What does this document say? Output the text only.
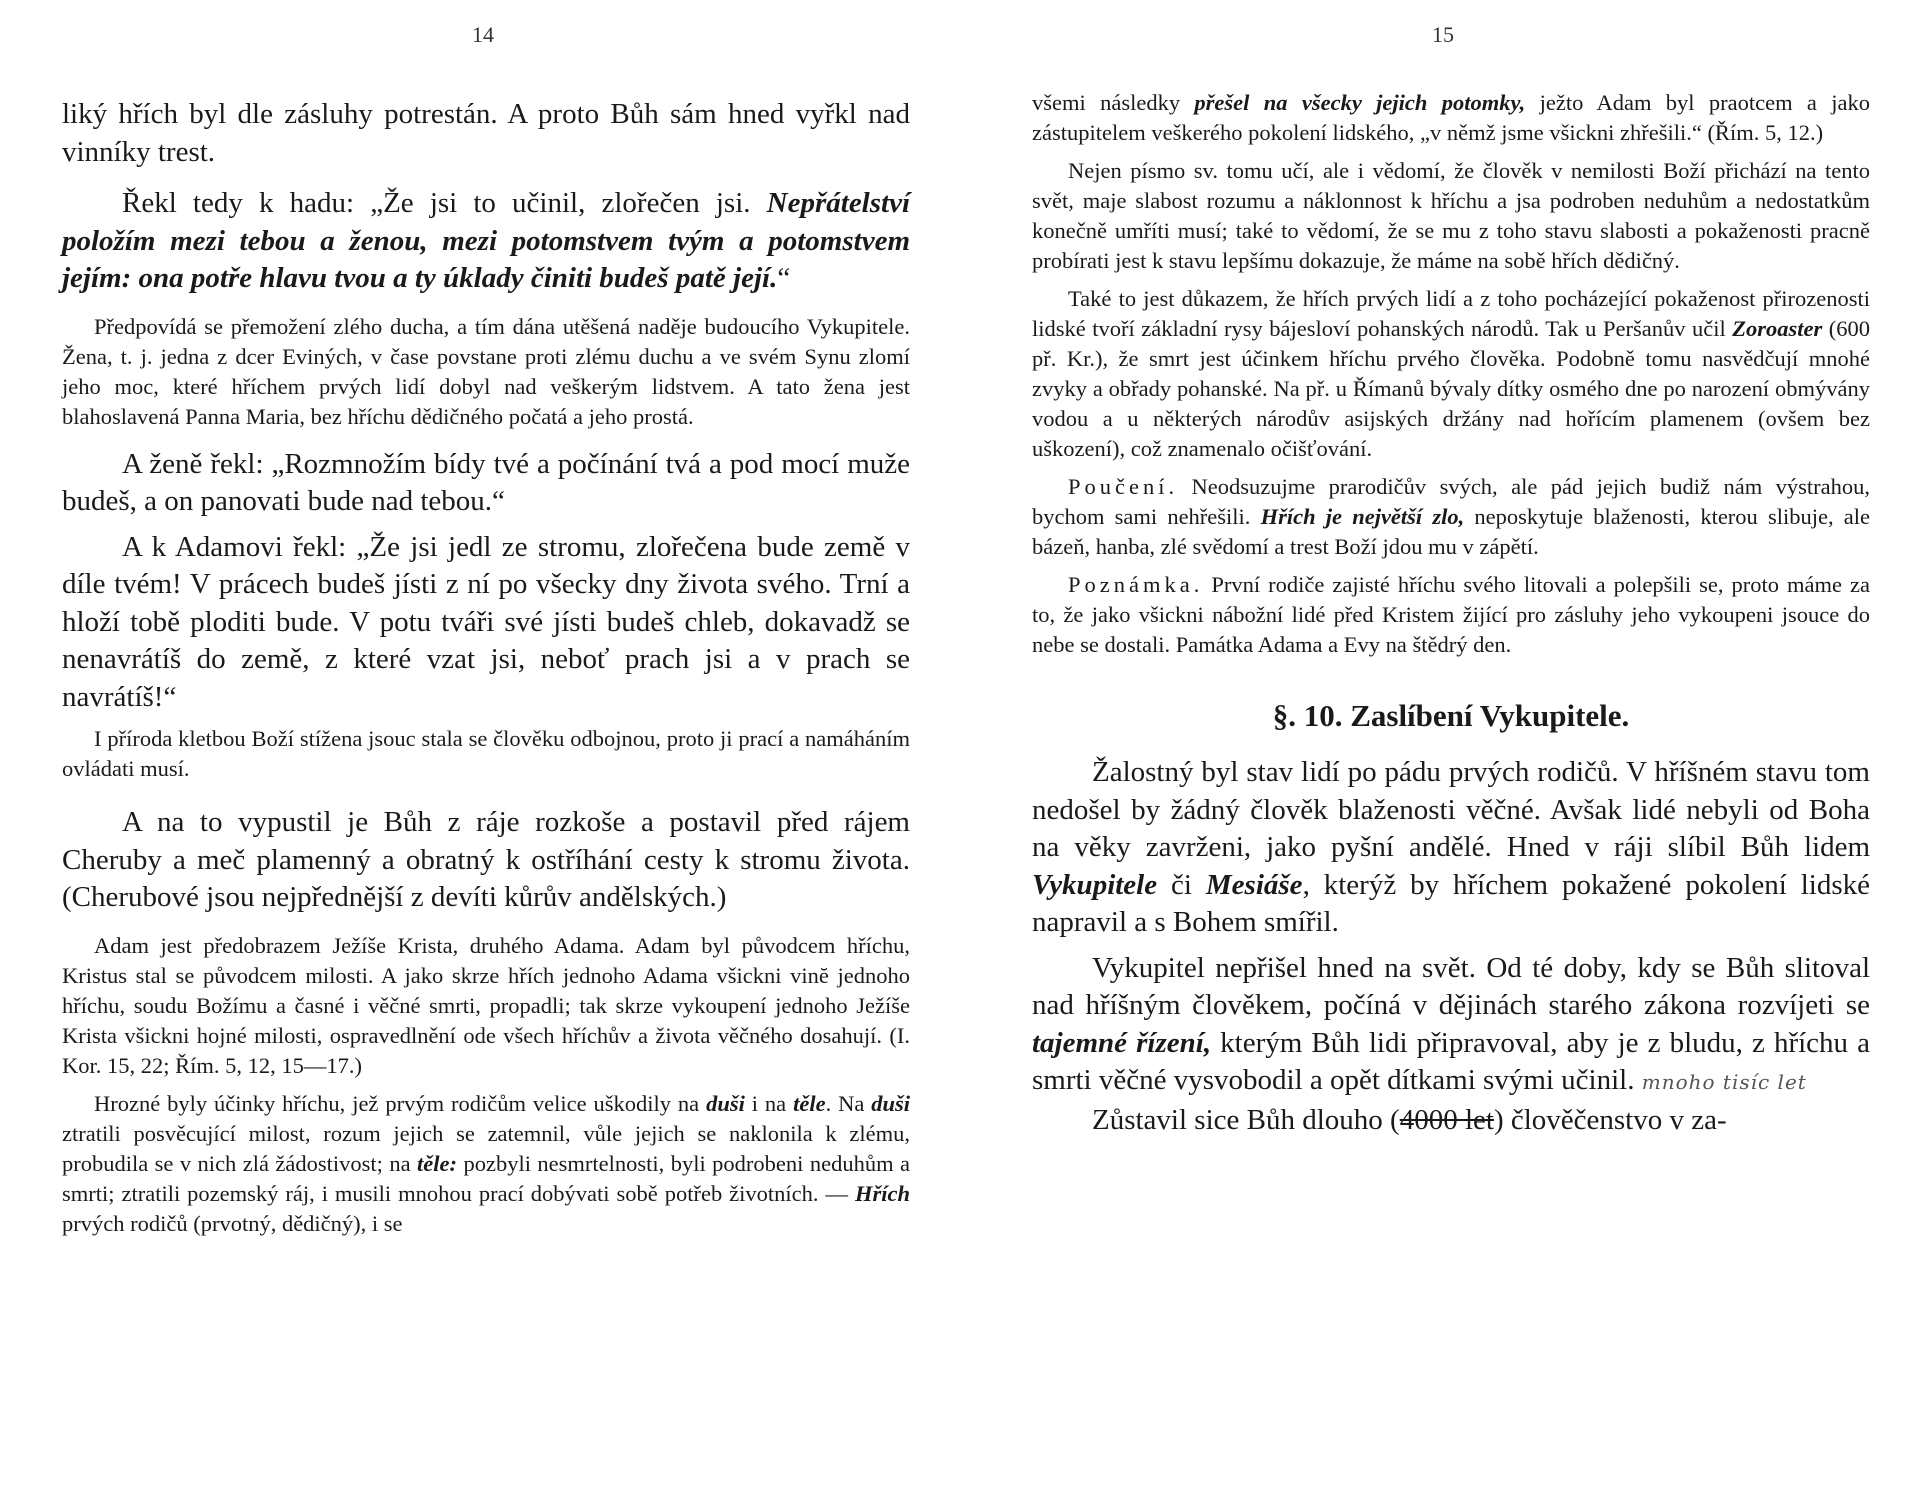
14

liký hřích byl dle zásluhy potrestán. A proto Bůh sám hned vyřkl nad vinníky trest.

Řekl tedy k hadu: „Že jsi to učinil, zlořečen jsi. Nepřátelství položím mezi tebou a ženou, mezi potomstvem tvým a potomstvem jejím: ona potře hlavu tvou a ty úklady činiti budeš patě její.“

Předpovídá se přemožení zlého ducha, a tím dána utěšená naděje budoucího Vykupitele. Žena, t. j. jedna z dcer Eviných, v čase povstane proti zlému duchu a ve svém Synu zlomí jeho moc, které hříchem prvých lidí dobyl nad veškerým lidstvem. A tato žena jest blahoslavená Panna Maria, bez hříchu dědičného počatá a jeho prostá.

A ženě řekl: „Rozmnožím bídy tvé a počínání tvá a pod mocí muže budeš, a on panovati bude nad tebou.“

A k Adamovi řekl: „Že jsi jedl ze stromu, zlořečena bude země v díle tvém! V prácech budeš jísti z ní po všecky dny života svého. Trní a hloží tobě ploditi bude. V potu tváři své jísti budeš chleb, dokavadž se nenavrátíš do země, z které vzat jsi, neboť prach jsi a v prach se navrátíš!“

I příroda kletbou Boží stížena jsouc stala se člověku odbojnou, proto ji prací a namáháním ovládati musí.

A na to vypustil je Bůh z ráje rozkoše a postavil před rájem Cheruby a meč plamenný a obratný k ostříhání cesty k stromu života. (Cherubové jsou nejpřednější z devíti kůrův andělských.)

Adam jest předobrazem Ježíše Krista, druhého Adama. Adam byl původcem hříchu, Kristus stal se původcem milosti. A jako skrze hřích jednoho Adama všickni vinĕ jednoho hříchu, soudu Božímu a časné i věčné smrti, propadli; tak skrze vykoupení jednoho Ježíše Krista všickni hojné milosti, ospravedlnění ode všech hříchův a života věčného dosahují. (I. Kor. 15, 22; Řím. 5, 12, 15—17.)

Hrozné byly účinky hříchu, jež prvým rodičům velice uškodily na duši i na těle. Na duši ztratili posvěcující milost, rozum jejich se zatemnil, vůle jejich se naklonila k zlému, probudila se v nich zlá žádostivost; na těle: pozbyli nesmrtelnosti, byli podrobeni neduhům a smrti; ztratili pozemský ráj, i musili mnohou prací dobývati sobě potřeb životních. — Hřích prvých rodičů (prvotný, dědičný), i se

15

všemi následky přešel na všecky jejich potomky, ježto Adam byl praotcem a jako zástupitelem veškerého pokolení lidského, „v němž jsme všickni zhřešili.“ (Řím. 5, 12.)

Nejen písmo sv. tomu učí, ale i vědomí, že člověk v nemilosti Boží přichází na tento svět, maje slabost rozumu a náklonnost k hříchu a jsa podroben neduhům a nedostatkům konečně umříti musí; také to vědomí, že se mu z toho stavu slabosti a pokaženosti pracně probírati jest k stavu lepšímu dokazuje, že máme na sobě hřích dědičný.

Také to jest důkazem, že hřích prvých lidí a z toho pocházející pokaženost přirozenosti lidské tvoří základní rysy bájesloví pohanských národů. Tak u Peršanův učil Zoroaster (600 př. Kr.), že smrt jest účinkem hříchu prvého člověka. Podobně tomu nasvědčují mnohé zvyky a obřady pohanské. Na př. u Římanů bývaly dítky osmého dne po narození obmývány vodou a u některých národův asijských držány nad hořícím plamenem (ovšem bez uškození), což znamenalo očišťování.

Poučení. Neodsuzujme prarodičův svých, ale pád jejich budiž nám výstrahou, bychom sami nehřešili. Hřích je největší zlo, neposkytuje blaženosti, kterou slibuje, ale bázeň, hanba, zlé svědomí a trest Boží jdou mu v zápětí.

Poznámka. První rodiče zajisté hříchu svého litovali a polepšili se, proto máme za to, že jako všickni nábožní lidé před Kristem žijící pro zásluhy jeho vykoupeni jsouce do nebe se dostali. Památka Adama a Evy na štědrý den.

§. 10. Zaslíbení Vykupitele.

Žalostný byl stav lidí po pádu prvých rodičů. V hříšném stavu tom nedošel by žádný člověk blaženosti věčné. Avšak lidé nebyli od Boha na věky zavrženi, jako pyšní andělé. Hned v ráji slíbil Bůh lidem Vykupitele či Mesiáše, kterýž by hříchem pokažené pokolení lidské napravil a s Bohem smířil.

Vykupitel nepřišel hned na svět. Od té doby, kdy se Bůh slitoval nad hříšným člověkem, počíná v dějinách starého zákona rozvíjeti se tajemné řízení, kterým Bůh lidi připravoval, aby je z bludu, z hříchu a smrti věčné vysvobodil a opět dítkami svými učinil. mnoho tisíc let

Zůstavil sice Bůh dlouho (4000 let) člověčenstvo v za-
